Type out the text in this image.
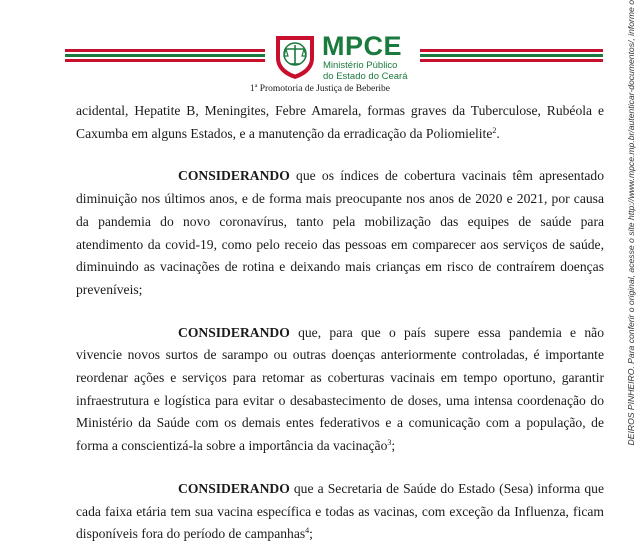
MPCE
Ministério Público
do Estado do Ceará
1ª Promotoria de Justiça de Beberibe

acidental, Hepatite B, Meningites, Febre Amarela, formas graves da Tuberculose, Rubéola e Caxumba em alguns Estados, e a manutenção da erradicação da Poliomielite$^2$.

CONSIDERANDO que os índices de cobertura vacinais têm apresentado diminuição nos últimos anos, e de forma mais preocupante nos anos de 2020 e 2021, por causa da pandemia do novo coronavírus, tanto pela mobilização das equipes de saúde para atendimento da covid-19, como pelo receio das pessoas em comparecer aos serviços de saúde, diminuindo as vacinações de rotina e deixando mais crianças em risco de contraírem doenças preveníveis;

CONSIDERANDO que, para que o país supere essa pandemia e não vivencie novos surtos de sarampo ou outras doenças anteriormente controladas, é importante reordenar ações e serviços para retomar as coberturas vacinais em tempo oportuno, garantir infraestrutura e logística para evitar o desabastecimento de doses, uma intensa coordenação do Ministério da Saúde com os demais entes federativos e a comunicação com a população, de forma a conscientizá-la sobre a importância da vacinação$^3$;

CONSIDERANDO que a Secretaria de Saúde do Estado (Sesa) informa que cada faixa etária tem sua vacina específica e todas as vacinas, com exceção da Influenza, ficam disponíveis fora do período de campanhas$^4$;

DEIROS PINHEIRO. Para conferir o original, acesse o site http://www.mpce.mp.br/autenticar-documentos/, informe o
